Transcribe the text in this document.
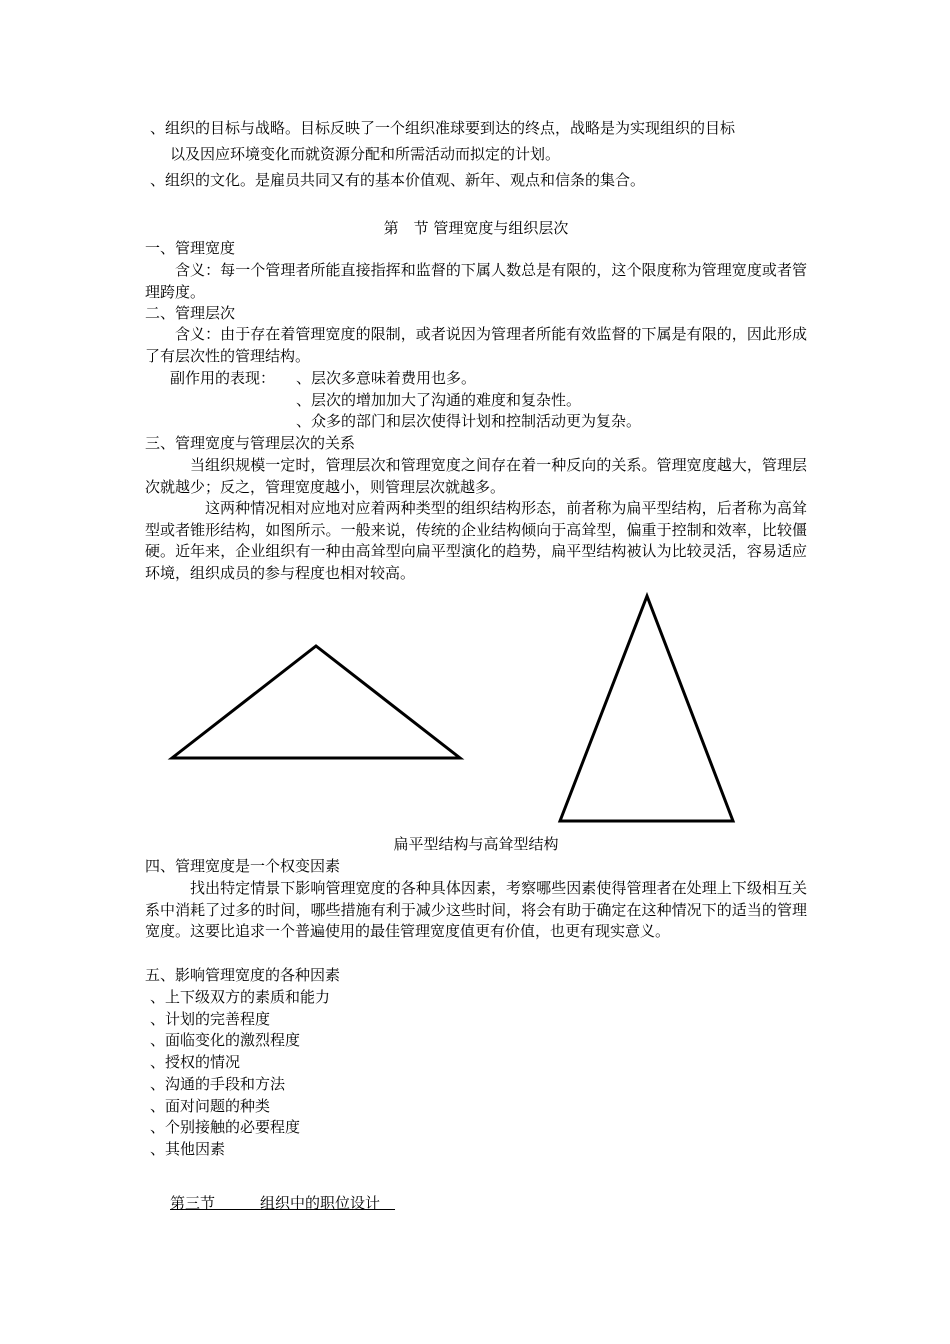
、组织的目标与战略。目标反映了一个组织准球要到达的终点，战略是为实现组织的目标
以及因应环境变化而就资源分配和所需活动而拟定的计划。
、组织的文化。是雇员共同又有的基本价值观、新年、观点和信条的集合。
第　节 管理宽度与组织层次
一、管理宽度
含义：每一个管理者所能直接指挥和监督的下属人数总是有限的，这个限度称为管理宽度或者管理跨度。
二、管理层次
含义：由于存在着管理宽度的限制，或者说因为管理者所能有效监督的下属是有限的，因此形成了有层次性的管理结构。
副作用的表现： 、层次多意味着费用也多。
、层次的增加加大了沟通的难度和复杂性。
、众多的部门和层次使得计划和控制活动更为复杂。
三、管理宽度与管理层次的关系
当组织规模一定时，管理层次和管理宽度之间存在着一种反向的关系。管理宽度越大，管理层次就越少；反之，管理宽度越小，则管理层次就越多。
这两种情况相对应地对应着两种类型的组织结构形态，前者称为扁平型结构，后者称为高耸型或者锥形结构，如图所示。一般来说，传统的企业结构倾向于高耸型，偏重于控制和效率，比较僵硬。近年来，企业组织有一种由高耸型向扁平型演化的趋势，扁平型结构被认为比较灵活，容易适应环境，组织成员的参与程度也相对较高。
扁平型结构与高耸型结构
四、管理宽度是一个权变因素
找出特定情景下影响管理宽度的各种具体因素，考察哪些因素使得管理者在处理上下级相互关系中消耗了过多的时间，哪些措施有利于减少这些时间，将会有助于确定在这种情况下的适当的管理宽度。这要比追求一个普遍使用的最佳管理宽度值更有价值，也更有现实意义。
五、影响管理宽度的各种因素
、上下级双方的素质和能力
、计划的完善程度
、面临变化的激烈程度
、授权的情况
、沟通的手段和方法
、面对问题的种类
、个别接触的必要程度
、其他因素
第三节　　　组织中的职位设计　
